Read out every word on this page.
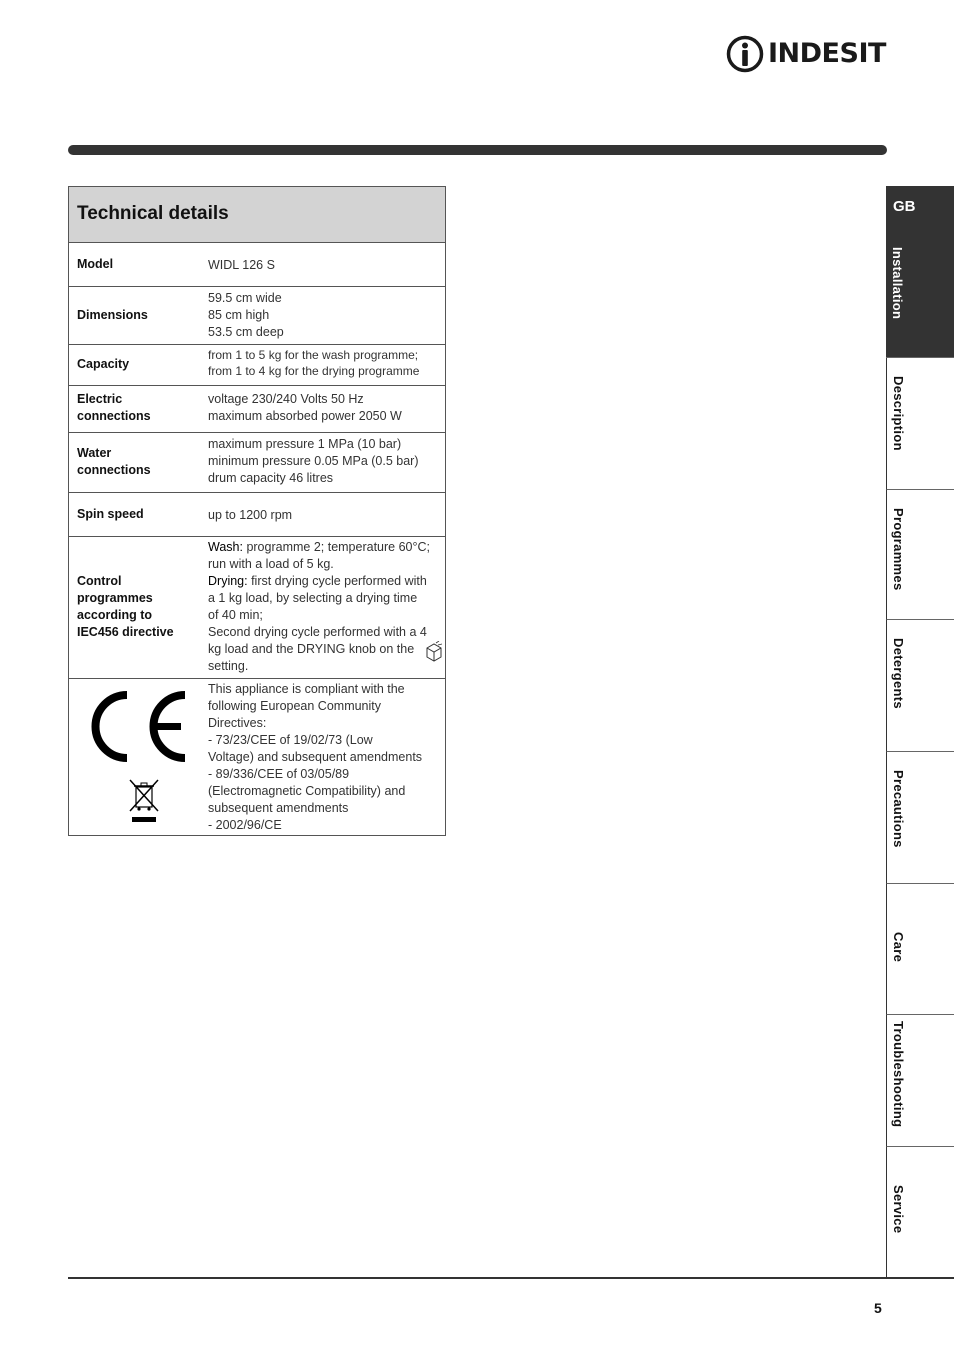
INDESIT
Technical details
Model	WIDL 126 S
Dimensions
59.5 cm wide
85 cm high
53.5 cm deep
Capacity
from 1 to 5 kg for the wash programme;
from 1 to 4 kg for the drying programme
Electric
connections
voltage 230/240 Volts 50 Hz
maximum absorbed power 2050 W
Water
connections
maximum pressure 1 MPa (10 bar)
minimum pressure 0.05 MPa (0.5 bar)
drum capacity 46 litres
Spin speed	up to 1200 rpm
Control
programmes
according to
IEC456 directive
Wash: programme 2; temperature 60°C;
run with a load of 5 kg.
Drying: first drying cycle performed with
a 1 kg load, by selecting a drying time
of 40 min;
Second drying cycle performed with a 4
kg load and the DRYING knob on the
setting.
This appliance is compliant with the
following European Community
Directives:
- 73/23/CEE of 19/02/73 (Low
Voltage) and subsequent amendments
- 89/336/CEE of 03/05/89
(Electromagnetic Compatibility) and
subsequent amendments
- 2002/96/CE
GB
Installation
Description
Programmes
Detergents
Precautions
Care
Troubleshooting
Service
5
